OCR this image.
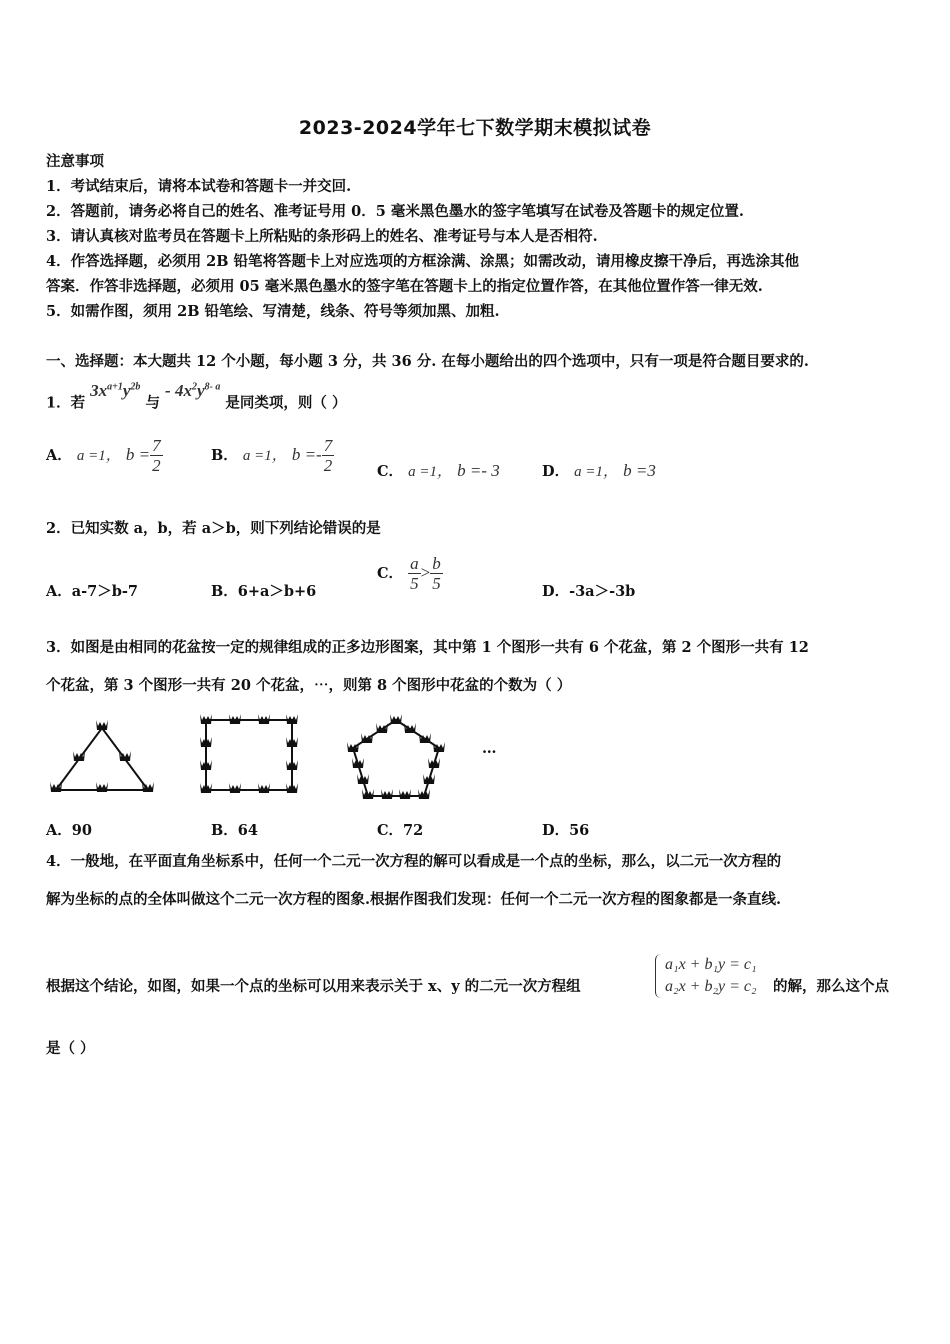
2023-2024学年七下数学期末模拟试卷
注意事项
1．考试结束后，请将本试卷和答题卡一并交回.
2．答题前，请务必将自己的姓名、准考证号用 0．5 毫米黑色墨水的签字笔填写在试卷及答题卡的规定位置.
3．请认真核对监考员在答题卡上所粘贴的条形码上的姓名、准考证号与本人是否相符.
4．作答选择题，必须用 2B 铅笔将答题卡上对应选项的方框涂满、涂黑；如需改动，请用橡皮擦干净后，再选涂其他
答案．作答非选择题，必须用 05 毫米黑色墨水的签字笔在答题卡上的指定位置作答，在其他位置作答一律无效.
5．如需作图，须用 2B 铅笔绘、写清楚，线条、符号等须加黑、加粗.
一、选择题：本大题共 12 个小题，每小题 3 分，共 36 分. 在每小题给出的四个选项中，只有一项是符合题目要求的.
1．若 $3x^{a+1}y^{2b}$ 与 - $4x^2y^{8- a}$ 是同类项，则（ ）
A． a =1， $b = \frac{7}{2}$	B． a =1， $b =- \frac{7}{2}$	C． a =1， b =- 3	D． a =1， b =3
2．已知实数 a，b，若 a＞b，则下列结论错误的是
A．a-7＞b-7	B．6+a＞b+6
C． $\frac{a}{5} > \frac{b}{5}$	D．-3a＞-3b
3．如图是由相同的花盆按一定的规律组成的正多边形图案，其中第 1 个图形一共有 6 个花盆，第 2 个图形一共有 12
个花盆，第 3 个图形一共有 20 个花盆，⋯，则第 8 个图形中花盆的个数为（ ）
…
A．90	B．64	C．72	D．56
4．一般地，在平面直角坐标系中，任何一个二元一次方程的解可以看成是一个点的坐标，那么，以二元一次方程的
解为坐标的点的全体叫做这个二元一次方程的图象.根据作图我们发现：任何一个二元一次方程的图象都是一条直线.
根据这个结论，如图，如果一个点的坐标可以用来表示关于 x、y 的二元一次方程组
a₁x + b₁y = c₁
a₂x + b₂y = c₂ 的解，那么这个点
是（ ）
